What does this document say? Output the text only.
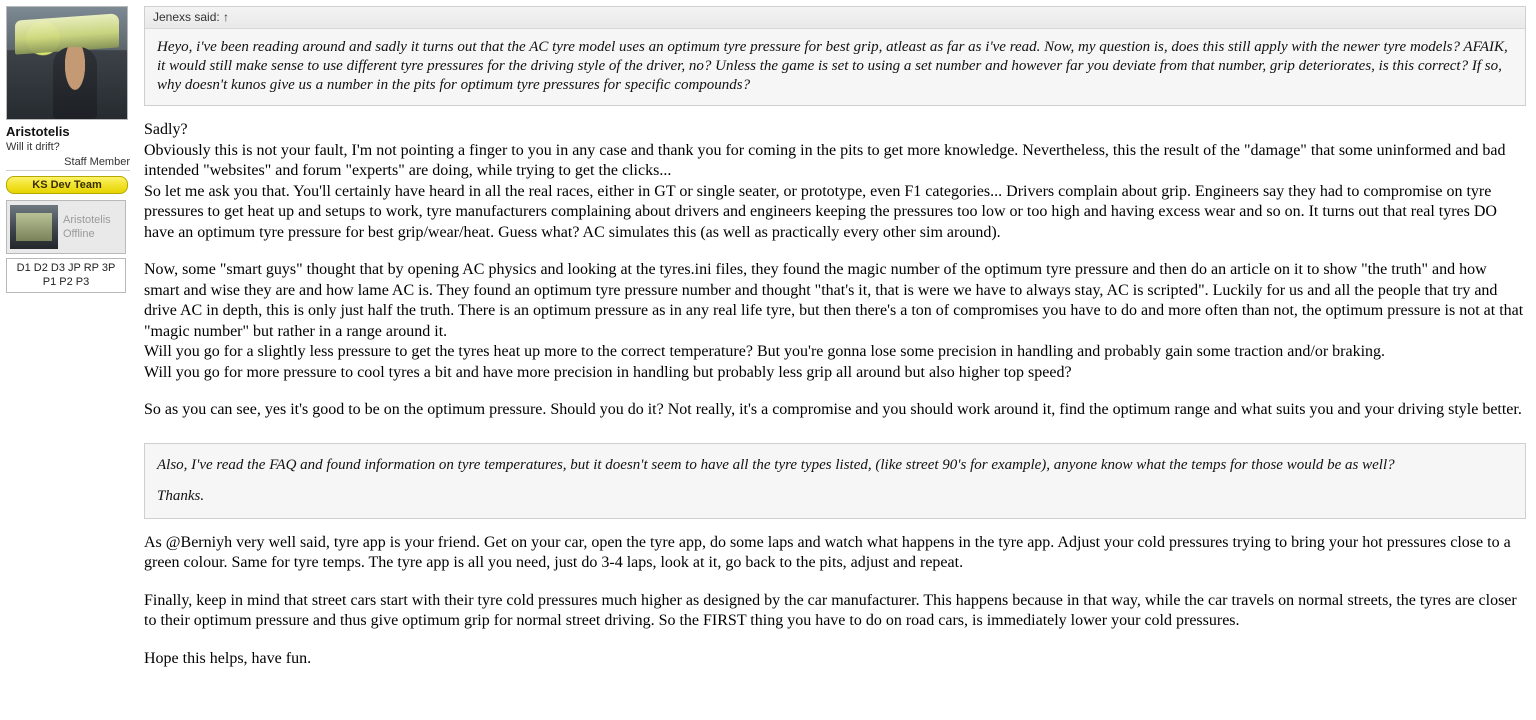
Aristotelis
Will it drift?
Staff Member
KS Dev Team
Aristotelis
Offline
D1 D2 D3 JP RP 3P
P1 P2 P3
Jenexs said: ↑

Heyo, i've been reading around and sadly it turns out that the AC tyre model uses an optimum tyre pressure for best grip, atleast as far as i've read. Now, my question is, does this still apply with the newer tyre models? AFAIK, it would still make sense to use different tyre pressures for the driving style of the driver, no? Unless the game is set to using a set number and however far you deviate from that number, grip deteriorates, is this correct? If so, why doesn't kunos give us a number in the pits for optimum tyre pressures for specific compounds?

Sadly?

Obviously this is not your fault, I'm not pointing a finger to you in any case and thank you for coming in the pits to get more knowledge. Nevertheless, this the result of the "damage" that some uninformed and bad intended "websites" and forum "experts" are doing, while trying to get the clicks...

So let me ask you that. You'll certainly have heard in all the real races, either in GT or single seater, or prototype, even F1 categories... Drivers complain about grip. Engineers say they had to compromise on tyre pressures to get heat up and setups to work, tyre manufacturers complaining about drivers and engineers keeping the pressures too low or too high and having excess wear and so on. It turns out that real tyres DO have an optimum tyre pressure for best grip/wear/heat. Guess what? AC simulates this (as well as practically every other sim around).

Now, some "smart guys" thought that by opening AC physics and looking at the tyres.ini files, they found the magic number of the optimum tyre pressure and then do an article on it to show "the truth" and how smart and wise they are and how lame AC is. They found an optimum tyre pressure number and thought "that's it, that is were we have to always stay, AC is scripted". Luckily for us and all the people that try and drive AC in depth, this is only just half the truth. There is an optimum pressure as in any real life tyre, but then there's a ton of compromises you have to do and more often than not, the optimum pressure is not at that "magic number" but rather in a range around it.

Will you go for a slightly less pressure to get the tyres heat up more to the correct temperature? But you're gonna lose some precision in handling and probably gain some traction and/or braking.

Will you go for more pressure to cool tyres a bit and have more precision in handling but probably less grip all around but also higher top speed?

So as you can see, yes it's good to be on the optimum pressure. Should you do it? Not really, it's a compromise and you should work around it, find the optimum range and what suits you and your driving style better.

Also, I've read the FAQ and found information on tyre temperatures, but it doesn't seem to have all the tyre types listed, (like street 90's for example), anyone know what the temps for those would be as well?

Thanks.

As @Berniyh very well said, tyre app is your friend. Get on your car, open the tyre app, do some laps and watch what happens in the tyre app. Adjust your cold pressures trying to bring your hot pressures close to a green colour. Same for tyre temps. The tyre app is all you need, just do 3-4 laps, look at it, go back to the pits, adjust and repeat.

Finally, keep in mind that street cars start with their tyre cold pressures much higher as designed by the car manufacturer. This happens because in that way, while the car travels on normal streets, the tyres are closer to their optimum pressure and thus give optimum grip for normal street driving. So the FIRST thing you have to do on road cars, is immediately lower your cold pressures.

Hope this helps, have fun.
